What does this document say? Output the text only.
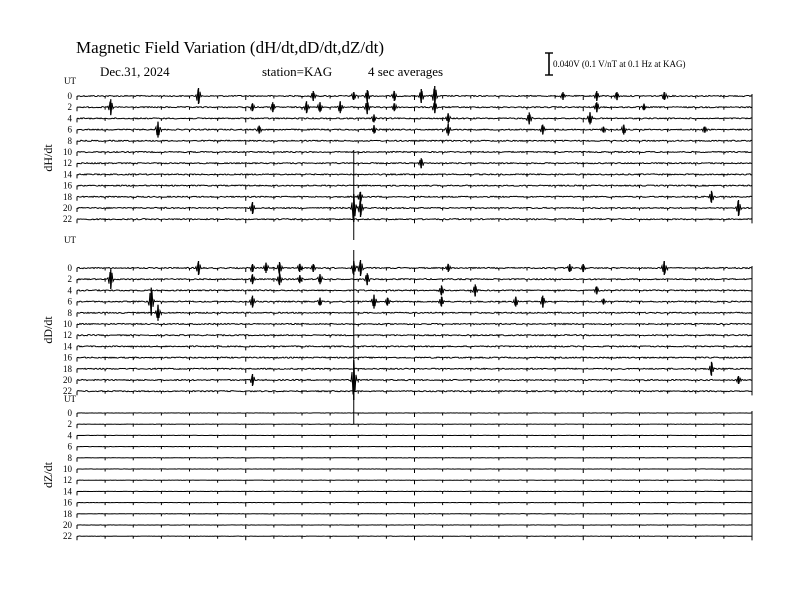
Magnetic Field Variation (dH/dt,dD/dt,dZ/dt)
Dec.31, 2024	station=KAG	4 sec averages	0.040V (0.1 V/nT at 0.1 Hz at KAG)
UT
dH/dt
0
2
4
6
8
10
12
14
16
18
20
22
UT
dD/dt
0
2
4
6
8
10
12
14
16
18
20
22
UT
dZ/dt
0
2
4
6
8
10
12
14
16
18
20
22
